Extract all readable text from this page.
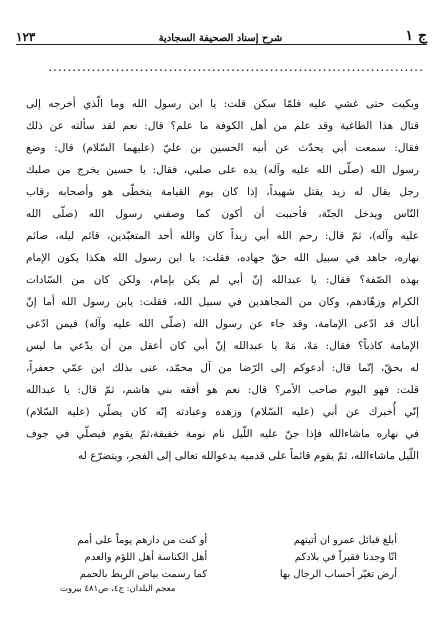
ج ١
شرح إسناد الصحيفة السجادية
١٢٣
..............................................................................
وبكيت حتى غشي عليه فلمّا سكن قلت: يا ابن رسول الله وما الّذي أخرجه إلى
قتال هذا الطاغية وقد علم من أهل الكوفة ما علم؟ قال: نعم لقد سألته عن ذلك
فقال: سمعت أبي يحدّث عن أبيه الحسين بن عليّ (عليهما السّلام) قال: وضع
رسول الله (صلّى الله عليه وآله) يده على صلبي، فقال: يا حسين يخرج من صلبك
رجل يقال له زيد يقتل شهيداً، إذا كان يوم القيامة يتخطّى هو وأصحابه رقاب
النّاس ويدخل الجنّة، فأحببت أن أكون كما وصفني رسول الله (صلّى الله
عليه وآله)، ثمّ قال: رحم الله أبي زيداً كان والله أحد المتعبّدين، قائم ليله، صائم
نهاره، جاهد في سبيل الله حقّ جهاده، فقلت: يا ابن رسول الله هكذا يكون الإمام
بهذه الصّفة؟ فقال: يا عبدالله إنّ أبي لم يكن بإمام، ولكن كان من السّادات
الكرام وزهّادهم، وكان من المجاهدين في سبيل الله، فقلت: يابن رسول الله أما إنّ
أباك قد ادّعى الإمامة، وقد جاء عن رسول الله (صلّى الله عليه وآله) فيمن ادّعى
الإمامة كاذباً؟ فقال: مَهْ، مَهْ يا عبدالله إنّ أبي كان أعقل من أن يدّعي ما ليس
له بحقّ، إنّما قال: أدعوكم إلى الرّضا من آل محمّد، عنى بذلك ابن عمّي جعفراً،
قلت: فهو اليوم صاحب الأمر؟ قال: نعم هو أفقه بني هاشم، ثمّ قال: يا عبدالله
إنّي أُخبرك عن أبي (عليه السّلام) وزهده وعبادته إنّه كان يصلّي (عليه السّلام)
في نهاره ماشاءالله فإذا جنّ عليه اللّيل نام نومة خفيفة،ثمّ يقوم فيصلّي في جوف
اللّيل ماشاءالله، ثمّ يقوم قائماً على قدميه يدعوالله تعالى إلى الفجر، ويتضرّع له
أبلغ قبائل عمرو ان أتيتهم
أو كنت من دارهم يوماً على أمم
انّا وجدنا فقيراً في بلادكم
أهل الكناسة أهل اللؤم والعدم
أرض تغيّر أحساب الرجال بها
كما رسمت بياض الربط بالحمم
معجم البلدان: ج٤، ص٤٨١ بيروت
